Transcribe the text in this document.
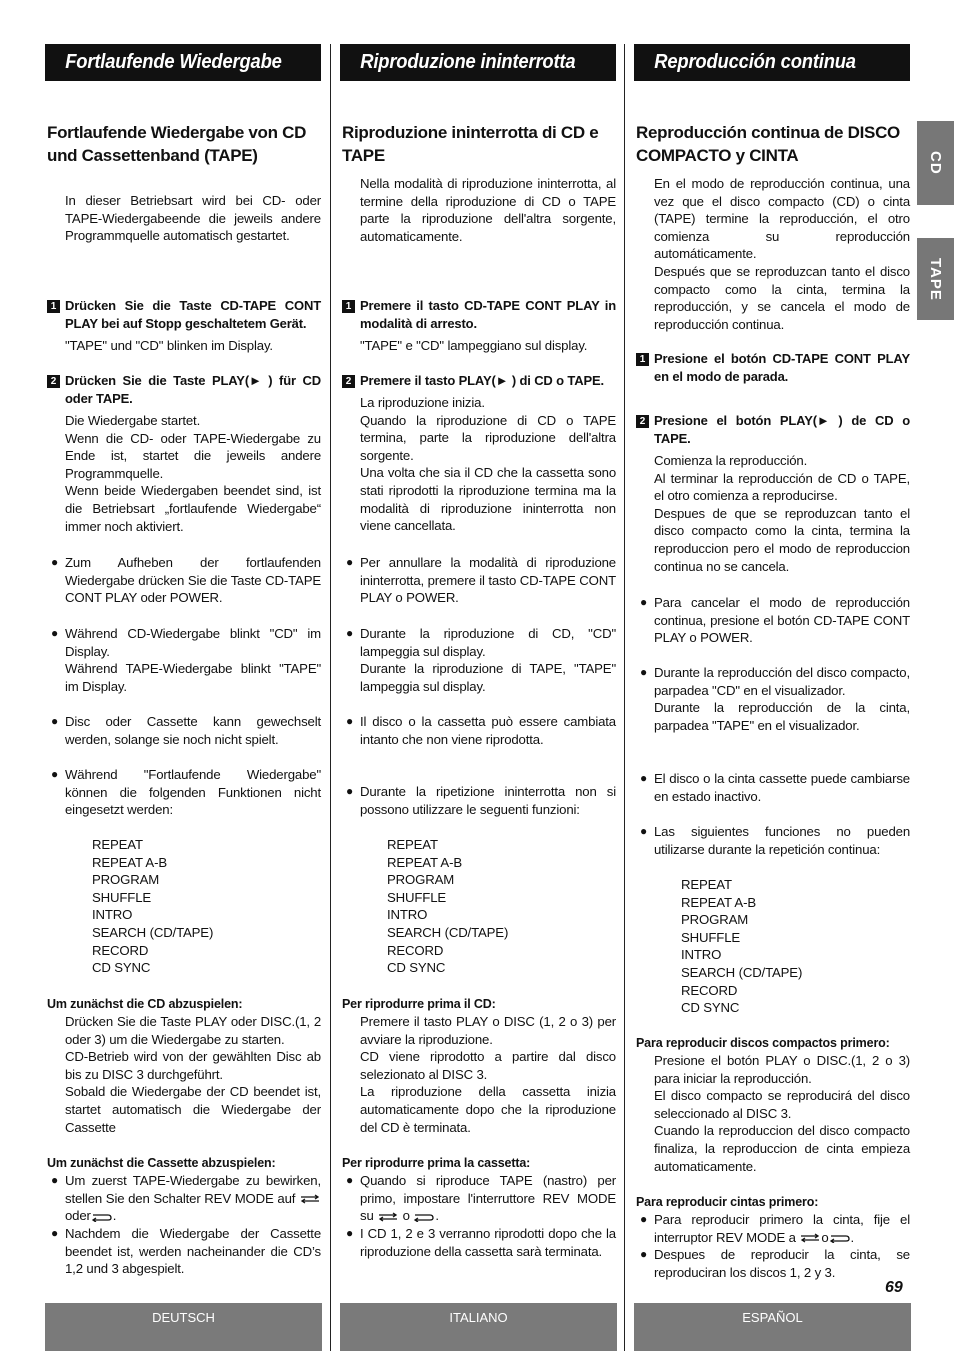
Fortlaufende Wiedergabe
Fortlaufende Wiedergabe von CD und Cassettenband (TAPE)
In dieser Betriebsart wird bei CD- oder TAPE-Wiedergabeende die jeweils andere Programmquelle automatisch gestartet.
1 Drücken Sie die Taste CD-TAPE CONT PLAY bei auf Stopp geschaltetem Gerät.
"TAPE" und "CD" blinken im Display.
2 Drücken Sie die Taste PLAY(► ) für CD oder TAPE.
Die Wiedergabe startet.
Wenn die CD- oder TAPE-Wiedergabe zu Ende ist, startet die jeweils andere Programmquelle.
Wenn beide Wiedergaben beendet sind, ist die Betriebsart „fortlaufende Wiedergabe“ immer noch aktiviert.
● Zum Aufheben der fortlaufenden Wiedergabe drücken Sie die Taste CD-TAPE CONT PLAY oder POWER.
● Während CD-Wiedergabe blinkt "CD" im Display.
Während TAPE-Wiedergabe blinkt "TAPE" im Display.
● Disc oder Cassette kann gewechselt werden, solange sie noch nicht spielt.
● Während "Fortlaufende Wiedergabe" können die folgenden Funktionen nicht eingesetzt werden:
REPEAT
REPEAT A-B
PROGRAM
SHUFFLE
INTRO
SEARCH (CD/TAPE)
RECORD
CD SYNC
Um zunächst die CD abzuspielen:
Drücken Sie die Taste PLAY oder DISC.(1, 2 oder 3) um die Wiedergabe zu starten.
CD-Betrieb wird von der gewählten Disc ab bis zu DISC 3 durchgeführt.
Sobald die Wiedergabe der CD beendet ist, startet automatisch die Wiedergabe der Cassette
Um zunächst die Cassette abzuspielen:
● Um zuerst TAPE-Wiedergabe zu bewirken, stellen Sie den Schalter REV MODE auf oder .
● Nachdem die Wiedergabe der Cassette beendet ist, werden nacheinander die CD’s 1,2 und 3 abgespielt.
Riproduzione ininterrotta
Riproduzione ininterrotta di CD e TAPE
Nella modalità di riproduzione ininterrotta, al termine della riproduzione di CD o TAPE parte la riproduzione dell'altra sorgente, automaticamente.
1 Premere il tasto CD-TAPE CONT PLAY in modalità di arresto.
"TAPE" e "CD" lampeggiano sul display.
2 Premere il tasto PLAY(► ) di CD o TAPE.
La riproduzione inizia.
Quando la riproduzione di CD o TAPE termina, parte la riproduzione dell'altra sorgente.
Una volta che sia il CD che la cassetta sono stati riprodotti la riproduzione termina ma la modalità di riproduzione ininterrotta non viene cancellata.
● Per annullare la modalità di riproduzione ininterrotta, premere il tasto CD-TAPE CONT PLAY o POWER.
● Durante la riproduzione di CD, "CD" lampeggia sul display.
Durante la riproduzione di TAPE, "TAPE" lampeggia sul display.
● Il disco o la cassetta può essere cambiata intanto che non viene riprodotta.
● Durante la ripetizione ininterrotta non si possono utilizzare le seguenti funzioni:
REPEAT
REPEAT A-B
PROGRAM
SHUFFLE
INTRO
SEARCH (CD/TAPE)
RECORD
CD SYNC
Per riprodurre prima il CD:
Premere il tasto PLAY o DISC (1, 2 o 3) per avviare la riproduzione.
CD viene riprodotto a partire dal disco selezionato al DISC 3.
La riproduzione della cassetta inizia automaticamente dopo che la riproduzione del CD è terminata.
Per riprodurre prima la cassetta:
● Quando si riproduce TAPE (nastro) per primo, impostare l'interruttore REV MODE su o .
● I CD 1, 2 e 3 verranno riprodotti dopo che la riproduzione della cassetta sarà terminata.
Reproducción continua
Reproducción continua de DISCO COMPACTO y CINTA
En el modo de reproducción continua, una vez que el disco compacto (CD) o cinta (TAPE) termine la reproducción, el otro comienza su reproducción automáticamente.
Después que se reproduzcan tanto el disco compacto como la cinta, termina la reproducción, y se cancela el modo de reproducción continua.
1 Presione el botón CD-TAPE CONT PLAY en el modo de parada.
2 Presione el botón PLAY(► ) de CD o TAPE.
Comienza la reproducción.
Al terminar la reproducción de CD o TAPE, el otro comienza a reproducirse.
Despues de que se reproduzcan tanto el disco compacto como la cinta, termina la reproduccion pero el modo de reproduccion continua no se cancela.
● Para cancelar el modo de reproducción continua, presione el botón CD-TAPE CONT PLAY o POWER.
● Durante la reproducción del disco compacto, parpadea "CD" en el visualizador.
Durante la reproducción de la cinta, parpadea "TAPE" en el visualizador.
● El disco o la cinta cassette puede cambiarse en estado inactivo.
● Las siguientes funciones no pueden utilizarse durante la repetición continua:
REPEAT
REPEAT A-B
PROGRAM
SHUFFLE
INTRO
SEARCH (CD/TAPE)
RECORD
CD SYNC
Para reproducir discos compactos primero:
Presione el botón PLAY o DISC.(1, 2 o 3) para iniciar la reproducción.
El disco compacto se reproducirá del disco seleccionado al DISC 3.
Cuando la reproduccion del disco compacto finaliza, la reproduccion de cinta empieza automaticamente.
Para reproducir cintas primero:
● Para reproducir primero la cinta, fije el interruptor REV MODE a o .
● Despues de reproducir la cinta, se reproduciran los discos 1, 2 y 3.
DEUTSCH	ITALIANO	ESPAÑOL
CD
TAPE
69
